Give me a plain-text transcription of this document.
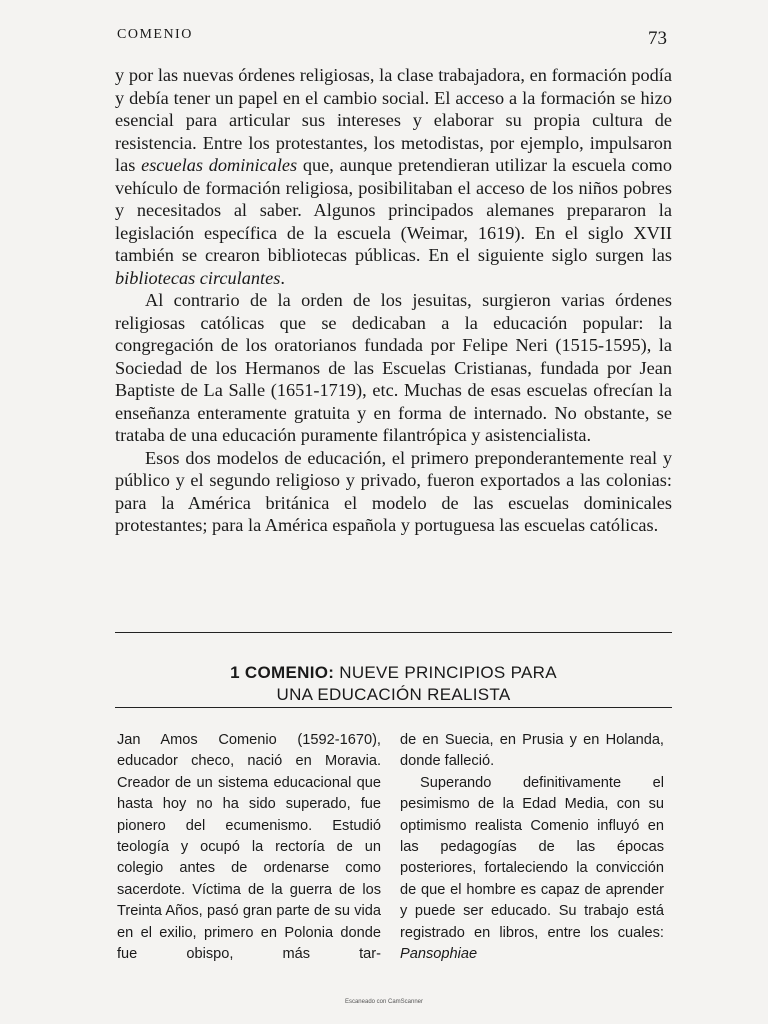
COMENIO	73

y por las nuevas órdenes religiosas, la clase trabajadora, en formación podía y debía tener un papel en el cambio social. El acceso a la formación se hizo esencial para articular sus intereses y elaborar su propia cultura de resistencia. Entre los protestantes, los metodistas, por ejemplo, impulsaron las escuelas dominicales que, aunque pretendieran utilizar la escuela como vehículo de formación religiosa, posibilitaban el acceso de los niños pobres y necesitados al saber. Algunos principados alemanes prepararon la legislación específica de la escuela (Weimar, 1619). En el siglo XVII también se crearon bibliotecas públicas. En el siguiente siglo surgen las bibliotecas circulantes.

Al contrario de la orden de los jesuitas, surgieron varias órdenes religiosas católicas que se dedicaban a la educación popular: la congregación de los oratorianos fundada por Felipe Neri (1515-1595), la Sociedad de los Hermanos de las Escuelas Cristianas, fundada por Jean Baptiste de La Salle (1651-1719), etc. Muchas de esas escuelas ofrecían la enseñanza enteramente gratuita y en forma de internado. No obstante, se trataba de una educación puramente filantrópica y asistencialista.

Esos dos modelos de educación, el primero preponderantemente real y público y el segundo religioso y privado, fueron exportados a las colonias: para la América británica el modelo de las escuelas dominicales protestantes; para la América española y portuguesa las escuelas católicas.

1 COMENIO: NUEVE PRINCIPIOS PARA
UNA EDUCACIÓN REALISTA

Jan Amos Comenio (1592-1670), educador checo, nació en Moravia. Creador de un sistema educacional que hasta hoy no ha sido superado, fue pionero del ecumenismo. Estudió teología y ocupó la rectoría de un colegio antes de ordenarse como sacerdote. Víctima de la guerra de los Treinta Años, pasó gran parte de su vida en el exilio, primero en Polonia donde fue obispo, más tar-

de en Suecia, en Prusia y en Holanda, donde falleció.

Superando definitivamente el pesimismo de la Edad Media, con su optimismo realista Comenio influyó en las pedagogías de las épocas posteriores, fortaleciendo la convicción de que el hombre es capaz de aprender y puede ser educado. Su trabajo está registrado en libros, entre los cuales: Pansophiae

Escaneado con CamScanner
